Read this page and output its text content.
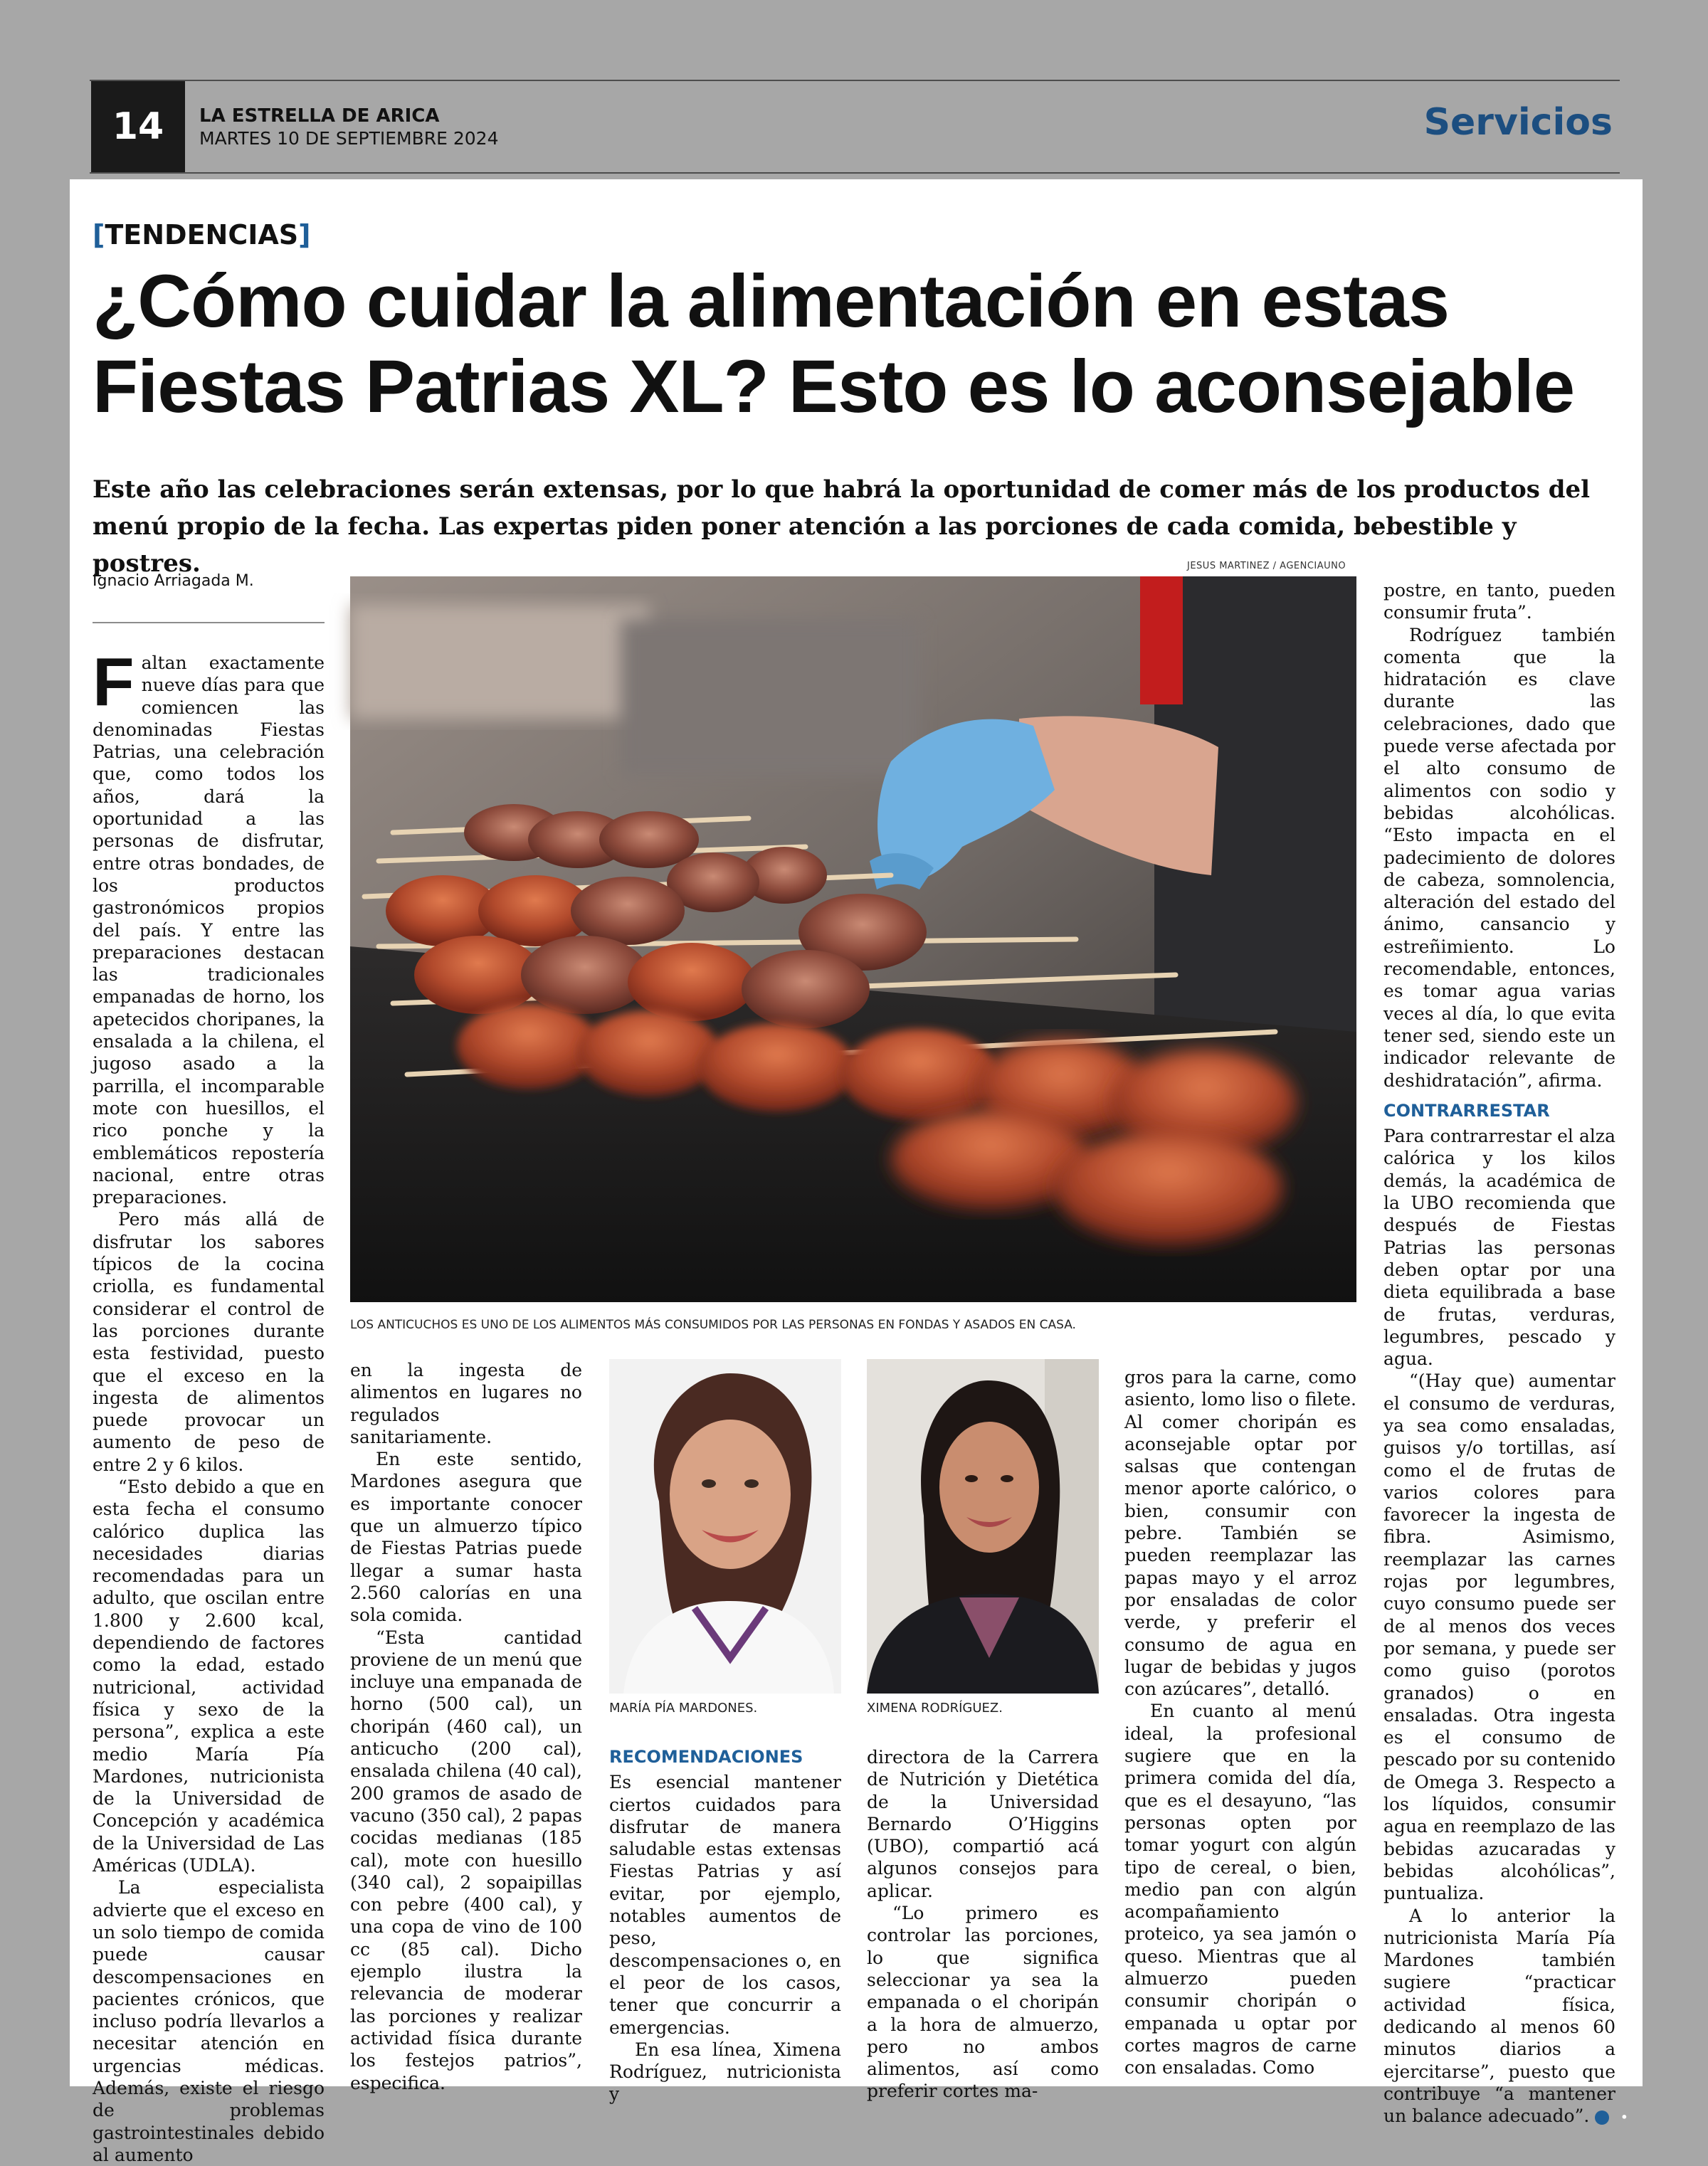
14	LA ESTRELLA DE ARICA
MARTES 10 DE SEPTIEMBRE 2024	Servicios
[TENDENCIAS]
¿Cómo cuidar la alimentación en estas Fiestas Patrias XL? Esto es lo aconsejable
Este año las celebraciones serán extensas, por lo que habrá la oportunidad de comer más de los productos del menú propio de la fecha. Las expertas piden poner atención a las porciones de cada comida, bebestible y postres.
Ignacio Arriagada M.
JESUS MARTINEZ / AGENCIAUNO

Faltan exactamente nueve días para que comiencen las denominadas Fiestas Patrias, una celebración que, como todos los años, dará la oportunidad a las personas de disfrutar, entre otras bondades, de los productos gastronómicos propios del país. Y entre las preparaciones destacan las tradicionales empanadas de horno, los apetecidos choripanes, la ensalada a la chilena, el jugoso asado a la parrilla, el incomparable mote con huesillos, el rico ponche y la emblemáticos repostería nacional, entre otras preparaciones.

Pero más allá de disfrutar los sabores típicos de la cocina criolla, es fundamental considerar el control de las porciones durante esta festividad, puesto que el exceso en la ingesta de alimentos puede provocar un aumento de peso de entre 2 y 6 kilos.

“Esto debido a que en esta fecha el consumo calórico duplica las necesidades diarias recomendadas para un adulto, que oscilan entre 1.800 y 2.600 kcal, dependiendo de factores como la edad, estado nutricional, actividad física y sexo de la persona”, explica a este medio María Pía Mardones, nutricionista de la Universidad de Concepción y académica de la Universidad de Las Américas (UDLA).

La especialista advierte que el exceso en un solo tiempo de comida puede causar descompensaciones en pacientes crónicos, que incluso podría llevarlos a necesitar atención en urgencias médicas. Además, existe el riesgo de problemas gastrointestinales debido al aumento

LOS ANTICUCHOS ES UNO DE LOS ALIMENTOS MÁS CONSUMIDOS POR LAS PERSONAS EN FONDAS Y ASADOS EN CASA.

en la ingesta de alimentos en lugares no regulados sanitariamente.

En este sentido, Mardones asegura que es importante conocer que un almuerzo típico de Fiestas Patrias puede llegar a sumar hasta 2.560 calorías en una sola comida.

“Esta cantidad proviene de un menú que incluye una empanada de horno (500 cal), un choripán (460 cal), un anticucho (200 cal), ensalada chilena (40 cal), 200 gramos de asado de vacuno (350 cal), 2 papas cocidas medianas (185 cal), mote con huesillo (340 cal), 2 sopaipillas con pebre (400 cal), y una copa de vino de 100 cc (85 cal). Dicho ejemplo ilustra la relevancia de moderar las porciones y realizar actividad física durante los festejos patrios”, especifica.

MARÍA PÍA MARDONES.	XIMENA RODRÍGUEZ.
RECOMENDACIONES

Es esencial mantener ciertos cuidados para disfrutar de manera saludable estas extensas Fiestas Patrias y así evitar, por ejemplo, notables aumentos de peso, descompensaciones o, en el peor de los casos, tener que concurrir a emergencias.

En esa línea, Ximena Rodríguez, nutricionista y

directora de la Carrera de Nutrición y Dietética de la Universidad Bernardo O’Higgins (UBO), compartió acá algunos consejos para aplicar.

“Lo primero es controlar las porciones, lo que significa seleccionar ya sea la empanada o el choripán a la hora de almuerzo, pero no ambos alimentos, así como preferir cortes ma-

gros para la carne, como asiento, lomo liso o filete. Al comer choripán es aconsejable optar por salsas que contengan menor aporte calórico, o bien, consumir con pebre. También se pueden reemplazar las papas mayo y el arroz por ensaladas de color verde, y preferir el consumo de agua en lugar de bebidas y jugos con azúcares”, detalló.

En cuanto al menú ideal, la profesional sugiere que en la primera comida del día, que es el desayuno, “las personas opten por tomar yogurt con algún tipo de cereal, o bien, medio pan con algún acompañamiento proteico, ya sea jamón o queso. Mientras que al almuerzo pueden consumir choripán o empanada u optar por cortes magros de carne con ensaladas. Como

postre, en tanto, pueden consumir fruta”.

Rodríguez también comenta que la hidratación es clave durante las celebraciones, dado que puede verse afectada por el alto consumo de alimentos con sodio y bebidas alcohólicas. “Esto impacta en el padecimiento de dolores de cabeza, somnolencia, alteración del estado del ánimo, cansancio y estreñimiento. Lo recomendable, entonces, es tomar agua varias veces al día, lo que evita tener sed, siendo este un indicador relevante de deshidratación”, afirma.

CONTRARRESTAR

Para contrarrestar el alza calórica y los kilos demás, la académica de la UBO recomienda que después de Fiestas Patrias las personas deben optar por una dieta equilibrada a base de frutas, verduras, legumbres, pescado y agua.

“(Hay que) aumentar el consumo de verduras, ya sea como ensaladas, guisos y/o tortillas, así como el de frutas de varios colores para favorecer la ingesta de fibra. Asimismo, reemplazar las carnes rojas por legumbres, cuyo consumo puede ser de al menos dos veces por semana, y puede ser como guiso (porotos granados) o en ensaladas. Otra ingesta es el consumo de pescado por su contenido de Omega 3. Respecto a los líquidos, consumir agua en reemplazo de las bebidas azucaradas y bebidas alcohólicas”, puntualiza.

A lo anterior la nutricionista María Pía Mardones también sugiere “practicar actividad física, dedicando al menos 60 minutos diarios a ejercitarse”, puesto que contribuye “a mantener un balance adecuado”.	•
